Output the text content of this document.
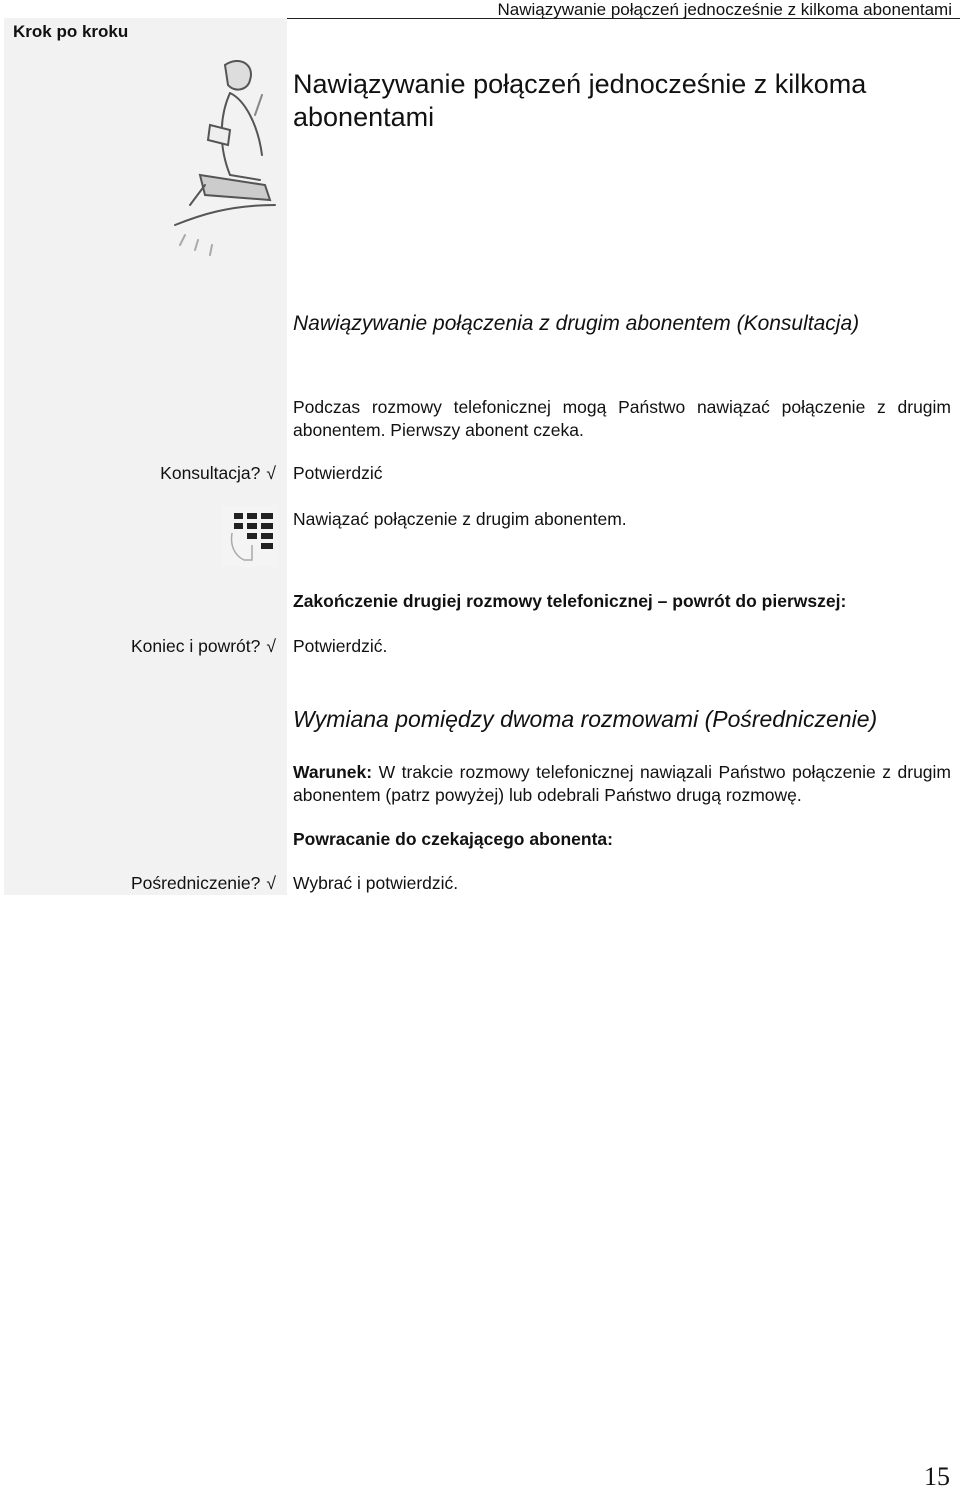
Krok po kroku
Nawiązywanie połączeń jednocześnie z kilkoma abonentami
Nawiązywanie połączeń jednocześnie z kilkoma abonentami
Nawiązywanie połączenia z drugim abonentem (Konsultacja)
Podczas rozmowy telefonicznej mogą Państwo nawiązać połączenie z drugim abonentem. Pierwszy abonent czeka.
Konsultacja? √ Potwierdzić
Nawiązać połączenie z drugim abonentem.
Zakończenie drugiej rozmowy telefonicznej – powrót do pierwszej:
Koniec i powrót? √ Potwierdzić.
Wymiana pomiędzy dwoma rozmowami (Pośredniczenie)
Warunek: W trakcie rozmowy telefonicznej nawiązali Państwo połączenie z drugim abonentem (patrz powyżej) lub odebrali Państwo drugą rozmowę.
Powracanie do czekającego abonenta:
Pośredniczenie? √ Wybrać i potwierdzić.
15
